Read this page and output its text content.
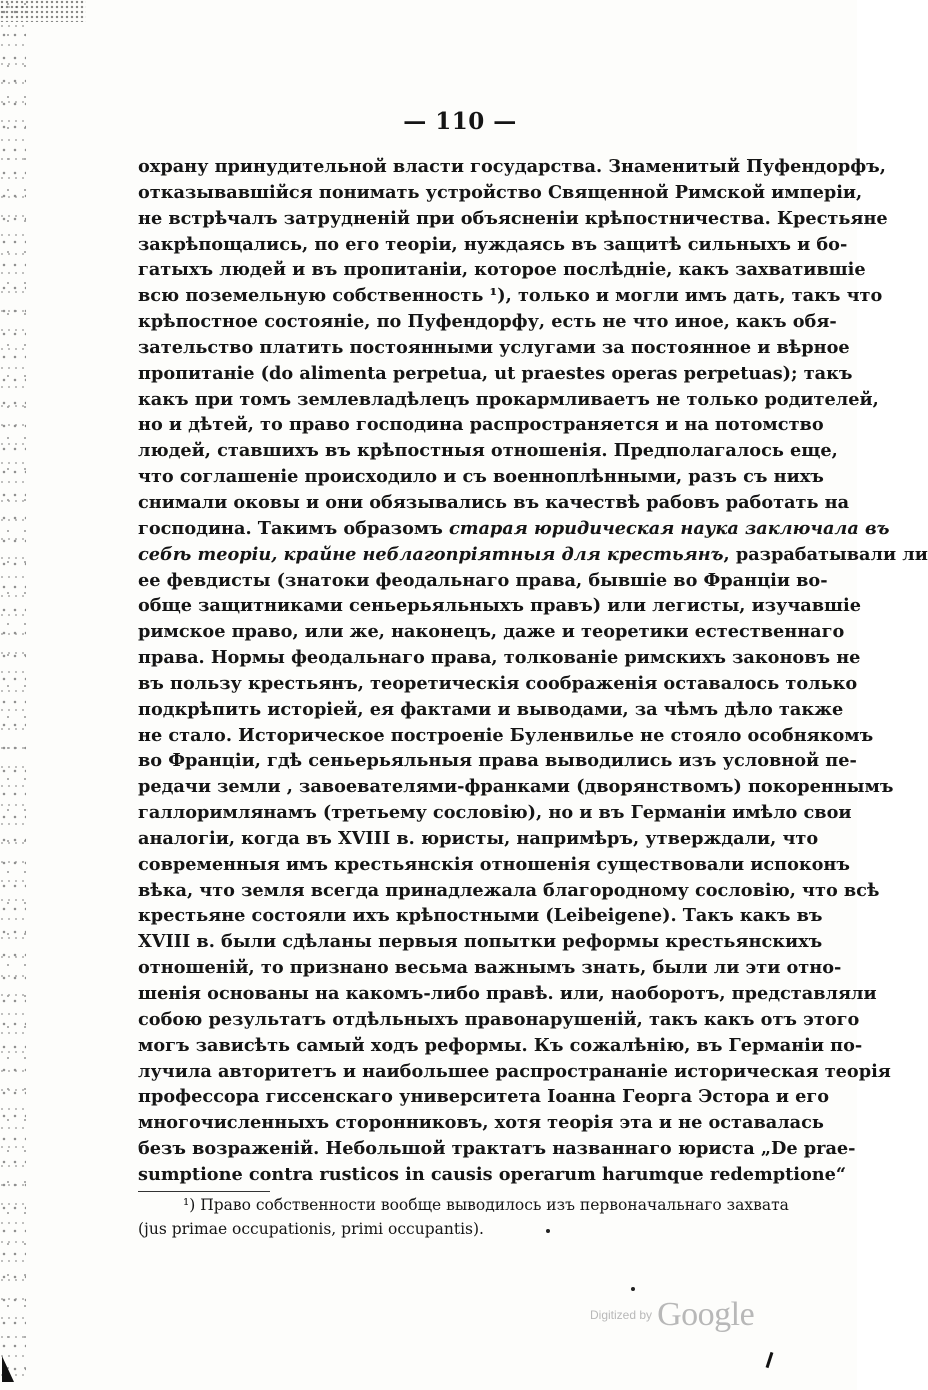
— 110 —
охрану принудительной власти государства. Знаменитый Пуфендорфъ,
отказывавшійся понимать устройство Священной Римской имперіи,
не встрѣчалъ затрудненій при объясненіи крѣпостничества. Крестьяне
закрѣпощались, по его теоріи, нуждаясь въ защитѣ сильныхъ и бо-
гатыхъ людей и въ пропитаніи, которое послѣдніе, какъ захватившіе
всю поземельную собственность ¹), только и могли имъ дать, такъ что
крѣпостное состояніе, по Пуфендорфу, есть не что иное, какъ обя-
зательство платить постоянными услугами за постоянное и вѣрное
пропитаніе (do alimenta perpetua, ut praestes operas perpetuas); такъ
какъ при томъ землевладѣлецъ прокармливаетъ не только родителей,
но и дѣтей, то право господина распространяется и на потомство
людей, ставшихъ въ крѣпостныя отношенія. Предполагалось еще,
что соглашеніе происходило и съ военноплѣнными, разъ съ нихъ
снимали оковы и они обязывались въ качествѣ рабовъ работать на
господина. Такимъ образомъ старая юридическая наука заключала въ
себѣ теоріи, крайне неблагопріятныя для крестьянъ, разрабатывали ли
ее февдисты (знатоки феодальнаго права, бывшіе во Франціи во-
обще защитниками сеньерьяльныхъ правъ) или легисты, изучавшіе
римское право, или же, наконецъ, даже и теоретики естественнаго
права. Нормы феодальнаго права, толкованіе римскихъ законовъ не
въ пользу крестьянъ, теоретическія соображенія оставалось только
подкрѣпить исторіей, ея фактами и выводами, за чѣмъ дѣло также
не стало. Историческое построеніе Буленвилье не стояло особнякомъ
во Франціи, гдѣ сеньерьяльныя права выводились изъ условной пе-
редачи земли , завоевателями-франками (дворянствомъ) покореннымъ
галлоримлянамъ (третьему сословію), но и въ Германіи имѣло свои
аналогіи, когда въ XVIII в. юристы, напримѣръ, утверждали, что
современныя имъ крестьянскія отношенія существовали испоконъ
вѣка, что земля всегда принадлежала благородному сословію, что всѣ
крестьяне состояли ихъ крѣпостными (Leibeigene). Такъ какъ въ
XVIII в. были сдѣланы первыя попытки реформы крестьянскихъ
отношеній, то признано весьма важнымъ знать, были ли эти отно-
шенія основаны на какомъ-либо правѣ. или, наоборотъ, представляли
собою результатъ отдѣльныхъ правонарушеній, такъ какъ отъ этого
могъ зависѣть самый ходъ реформы. Къ сожалѣнію, въ Германіи по-
лучила авторитетъ и наибольшее распространаніе историческая теорія
профессора гиссенскаго университета Іоанна Георга Эстора и его
многочисленныхъ сторонниковъ, хотя теорія эта и не оставалась
безъ возраженій. Небольшой трактатъ названнаго юриста „De prae-
sumptione contra rusticos in causis operarum harumque redemptione“
¹) Право собственности вообще выводилось изъ первоначальнаго захвата
(jus primae occupationis, primi occupantis).
Digitized by Google
